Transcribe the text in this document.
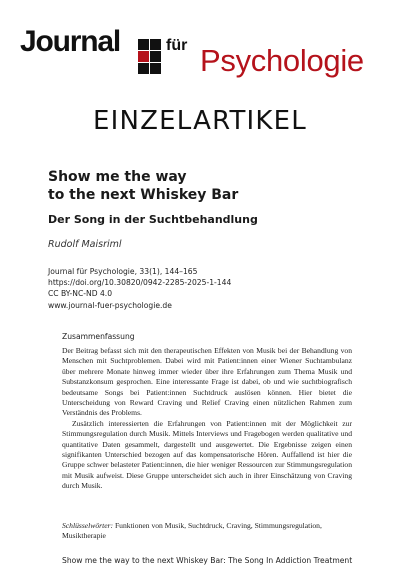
Journal	für Psychologie
EINZELARTIKEL
Show me the way
to the next Whiskey Bar
Der Song in der Suchtbehandlung
Rudolf Maisriml
Journal für Psychologie, 33(1), 144–165
https://doi.org/10.30820/0942-2285-2025-1-144
CC BY-NC-ND 4.0
www.journal-fuer-psychologie.de
Zusammenfassung

Der Beitrag befasst sich mit den therapeutischen Effekten von Musik bei der Behandlung von Menschen mit Suchtproblemen. Dabei wird mit Patient:innen einer Wiener Suchtambulanz über mehrere Monate hinweg immer wieder über ihre Erfahrungen zum Thema Musik und Substanzkonsum gesprochen. Eine interessante Frage ist dabei, ob und wie suchtbiografisch bedeutsame Songs bei Patient:innen Suchtdruck auslösen können. Hier bietet die Unterscheidung von Reward Craving und Relief Craving einen nützlichen Rahmen zum Verständnis des Problems.

Zusätzlich interessierten die Erfahrungen von Patient:innen mit der Möglichkeit zur Stimmungsregulation durch Musik. Mittels Interviews und Fragebogen werden qualitative und quantitative Daten gesammelt, dargestellt und ausgewertet. Die Ergebnisse zeigen einen signifikanten Unterschied bezogen auf das kompensatorische Hören. Auffallend ist hier die Gruppe schwer belasteter Patient:innen, die hier weniger Ressourcen zur Stimmungsregulation mit Musik aufweist. Diese Gruppe unterscheidet sich auch in ihrer Einschätzung von Craving durch Musik.

Schlüsselwörter: Funktionen von Musik, Suchtdruck, Craving, Stimmungsregulation, Musiktherapie
Show me the way to the next Whiskey Bar: The Song In Addiction Treatment
